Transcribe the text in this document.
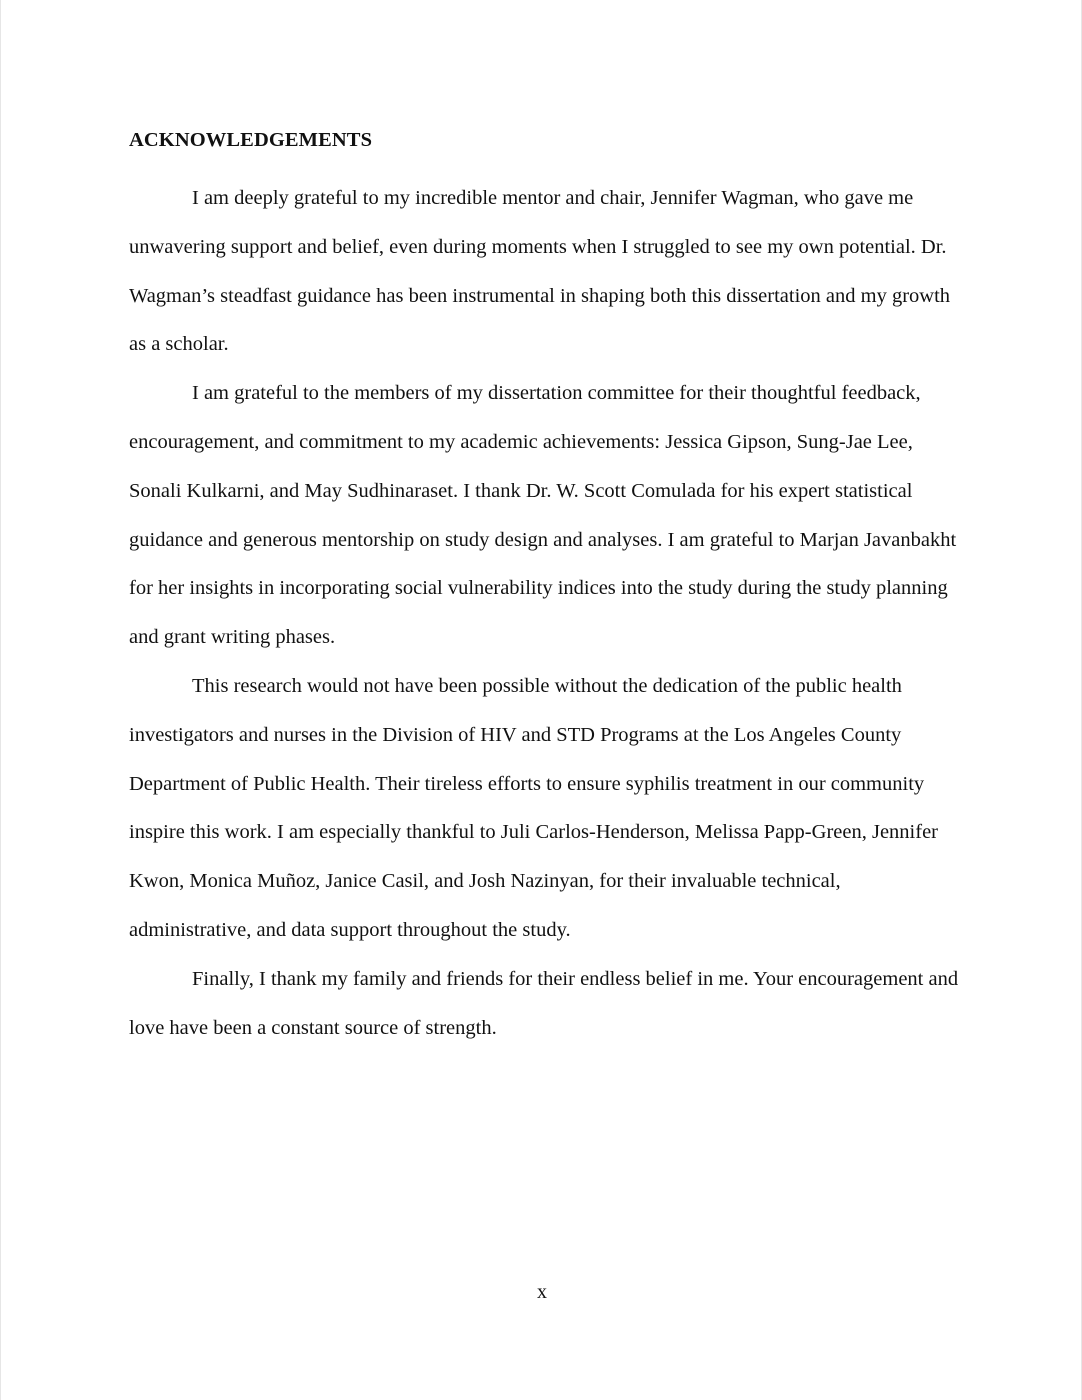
ACKNOWLEDGEMENTS

I am deeply grateful to my incredible mentor and chair, Jennifer Wagman, who gave me unwavering support and belief, even during moments when I struggled to see my own potential. Dr. Wagman’s steadfast guidance has been instrumental in shaping both this dissertation and my growth as a scholar.

I am grateful to the members of my dissertation committee for their thoughtful feedback, encouragement, and commitment to my academic achievements: Jessica Gipson, Sung-Jae Lee, Sonali Kulkarni, and May Sudhinaraset. I thank Dr. W. Scott Comulada for his expert statistical guidance and generous mentorship on study design and analyses. I am grateful to Marjan Javanbakht for her insights in incorporating social vulnerability indices into the study during the study planning and grant writing phases.

This research would not have been possible without the dedication of the public health investigators and nurses in the Division of HIV and STD Programs at the Los Angeles County Department of Public Health. Their tireless efforts to ensure syphilis treatment in our community inspire this work. I am especially thankful to Juli Carlos-Henderson, Melissa Papp-Green, Jennifer Kwon, Monica Muñoz, Janice Casil, and Josh Nazinyan, for their invaluable technical, administrative, and data support throughout the study.

Finally, I thank my family and friends for their endless belief in me. Your encouragement and love have been a constant source of strength.

x
